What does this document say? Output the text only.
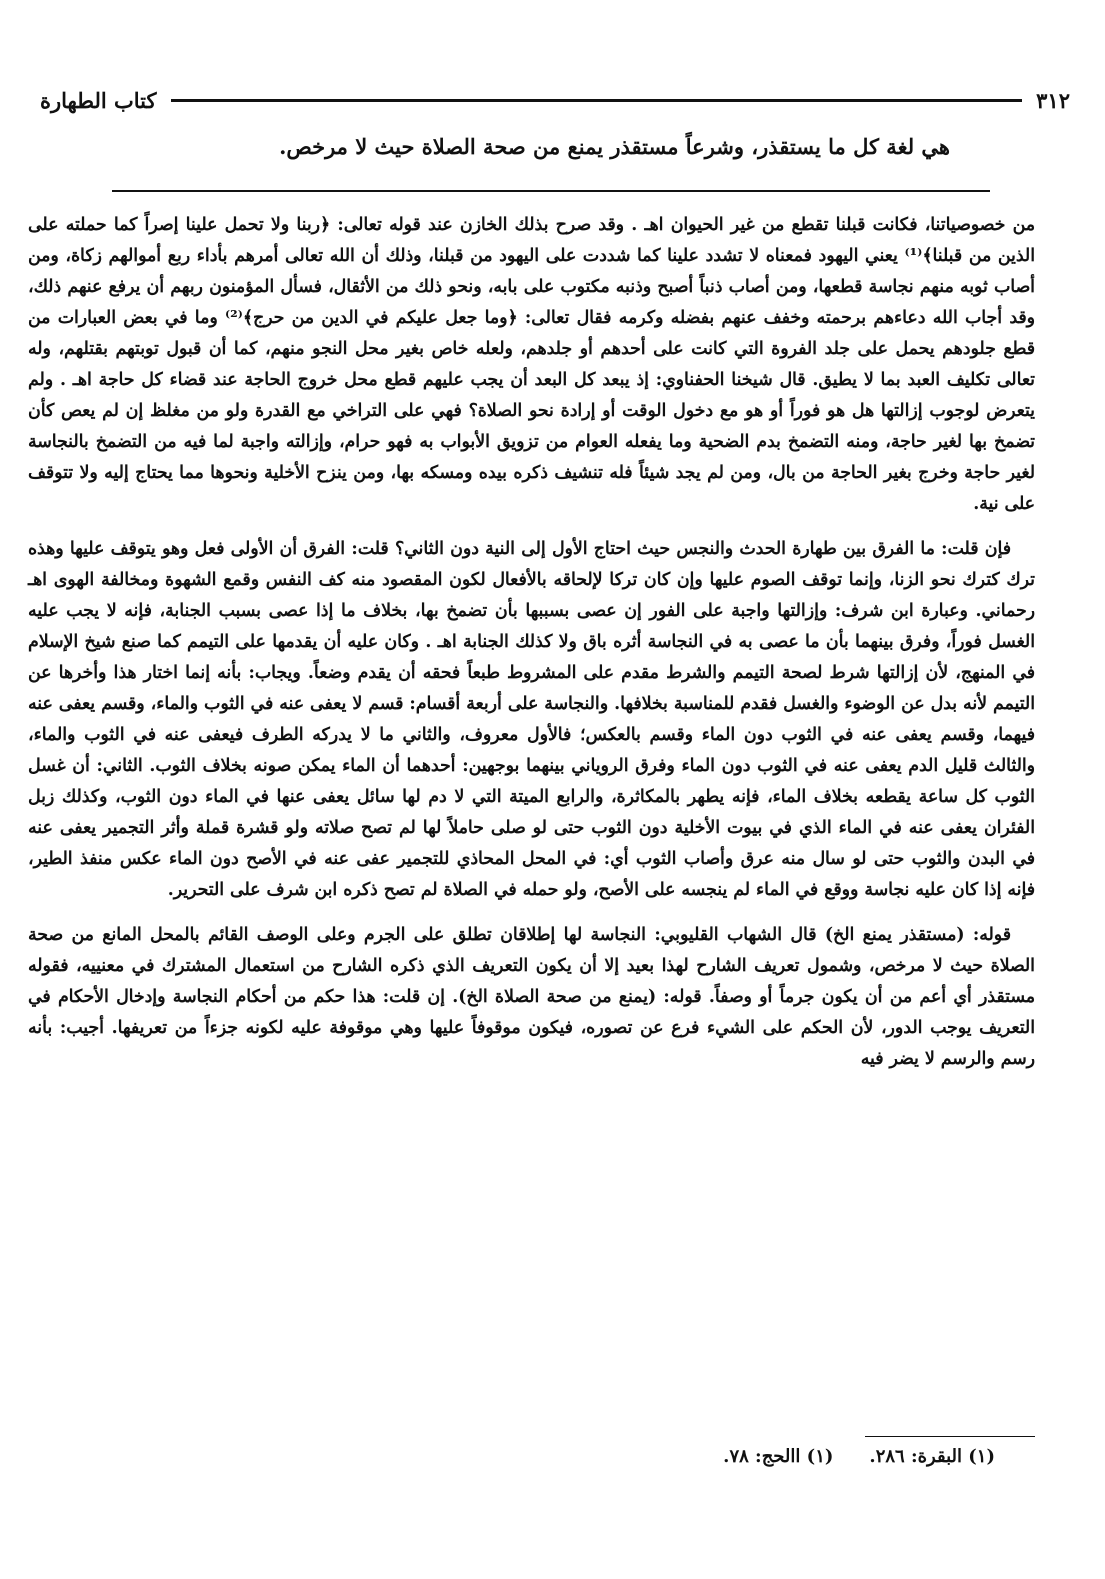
٣١٢
كتاب الطهارة
هي لغة كل ما يستقذر، وشرعاً مستقذر يمنع من صحة الصلاة حيث لا مرخص.

من خصوصياتنا، فكانت قبلنا تقطع من غير الحيوان اهـ . وقد صرح بذلك الخازن عند قوله تعالى: ﴿ربنا ولا تحمل علينا إصراً كما حملته على الذين من قبلنا﴾⁽¹⁾ يعني اليهود فمعناه لا تشدد علينا كما شددت على اليهود من قبلنا، وذلك أن الله تعالى أمرهم بأداء ربع أموالهم زكاة، ومن أصاب ثوبه منهم نجاسة قطعها، ومن أصاب ذنباً أصبح وذنبه مكتوب على بابه، ونحو ذلك من الأثقال، فسأل المؤمنون ربهم أن يرفع عنهم ذلك، وقد أجاب الله دعاءهم برحمته وخفف عنهم بفضله وكرمه فقال تعالى: ﴿وما جعل عليكم في الدين من حرج﴾⁽²⁾ وما في بعض العبارات من قطع جلودهم يحمل على جلد الفروة التي كانت على أحدهم أو جلدهم، ولعله خاص بغير محل النجو منهم، كما أن قبول توبتهم بقتلهم، وله تعالى تكليف العبد بما لا يطيق. قال شيخنا الحفناوي: إذ يبعد كل البعد أن يجب عليهم قطع محل خروج الحاجة عند قضاء كل حاجة اهـ . ولم يتعرض لوجوب إزالتها هل هو فوراً أو هو مع دخول الوقت أو إرادة نحو الصلاة؟ فهي على التراخي مع القدرة ولو من مغلظ إن لم يعص كأن تضمخ بها لغير حاجة، ومنه التضمخ بدم الضحية وما يفعله العوام من تزويق الأبواب به فهو حرام، وإزالته واجبة لما فيه من التضمخ بالنجاسة لغير حاجة وخرج بغير الحاجة من بال، ومن لم يجد شيئاً فله تنشيف ذكره بيده ومسكه بها، ومن ينزح الأخلية ونحوها مما يحتاج إليه ولا تتوقف على نية.

فإن قلت: ما الفرق بين طهارة الحدث والنجس حيث احتاج الأول إلى النية دون الثاني؟ قلت: الفرق أن الأولى فعل وهو يتوقف عليها وهذه ترك كترك نحو الزنا، وإنما توقف الصوم عليها وإن كان تركا لإلحاقه بالأفعال لكون المقصود منه كف النفس وقمع الشهوة ومخالفة الهوى اهـ رحماني. وعبارة ابن شرف: وإزالتها واجبة على الفور إن عصى بسببها بأن تضمخ بها، بخلاف ما إذا عصى بسبب الجنابة، فإنه لا يجب عليه الغسل فوراً، وفرق بينهما بأن ما عصى به في النجاسة أثره باق ولا كذلك الجنابة اهـ . وكان عليه أن يقدمها على التيمم كما صنع شيخ الإسلام في المنهج، لأن إزالتها شرط لصحة التيمم والشرط مقدم على المشروط طبعاً فحقه أن يقدم وضعاً. ويجاب: بأنه إنما اختار هذا وأخرها عن التيمم لأنه بدل عن الوضوء والغسل فقدم للمناسبة بخلافها. والنجاسة على أربعة أقسام: قسم لا يعفى عنه في الثوب والماء، وقسم يعفى عنه فيهما، وقسم يعفى عنه في الثوب دون الماء وقسم بالعكس؛ فالأول معروف، والثاني ما لا يدركه الطرف فيعفى عنه في الثوب والماء، والثالث قليل الدم يعفى عنه في الثوب دون الماء وفرق الروياني بينهما بوجهين: أحدهما أن الماء يمكن صونه بخلاف الثوب. الثاني: أن غسل الثوب كل ساعة يقطعه بخلاف الماء، فإنه يطهر بالمكاثرة، والرابع الميتة التي لا دم لها سائل يعفى عنها في الماء دون الثوب، وكذلك زبل الفئران يعفى عنه في الماء الذي في بيوت الأخلية دون الثوب حتى لو صلى حاملاً لها لم تصح صلاته ولو قشرة قملة وأثر التجمير يعفى عنه في البدن والثوب حتى لو سال منه عرق وأصاب الثوب أي: في المحل المحاذي للتجمير عفى عنه في الأصح دون الماء عكس منفذ الطير، فإنه إذا كان عليه نجاسة ووقع في الماء لم ينجسه على الأصح، ولو حمله في الصلاة لم تصح ذكره ابن شرف على التحرير.

قوله: (مستقذر يمنع الخ) قال الشهاب القليوبي: النجاسة لها إطلاقان تطلق على الجرم وعلى الوصف القائم بالمحل المانع من صحة الصلاة حيث لا مرخص، وشمول تعريف الشارح لهذا بعيد إلا أن يكون التعريف الذي ذكره الشارح من استعمال المشترك في معنييه، فقوله مستقذر أي أعم من أن يكون جرماً أو وصفاً. قوله: (يمنع من صحة الصلاة الخ). إن قلت: هذا حكم من أحكام النجاسة وإدخال الأحكام في التعريف يوجب الدور، لأن الحكم على الشيء فرع عن تصوره، فيكون موقوفاً عليها وهي موقوفة عليه لكونه جزءاً من تعريفها. أجيب: بأنه رسم والرسم لا يضر فيه

(١) البقرة: ٢٨٦.
(١) االحج: ٧٨.
